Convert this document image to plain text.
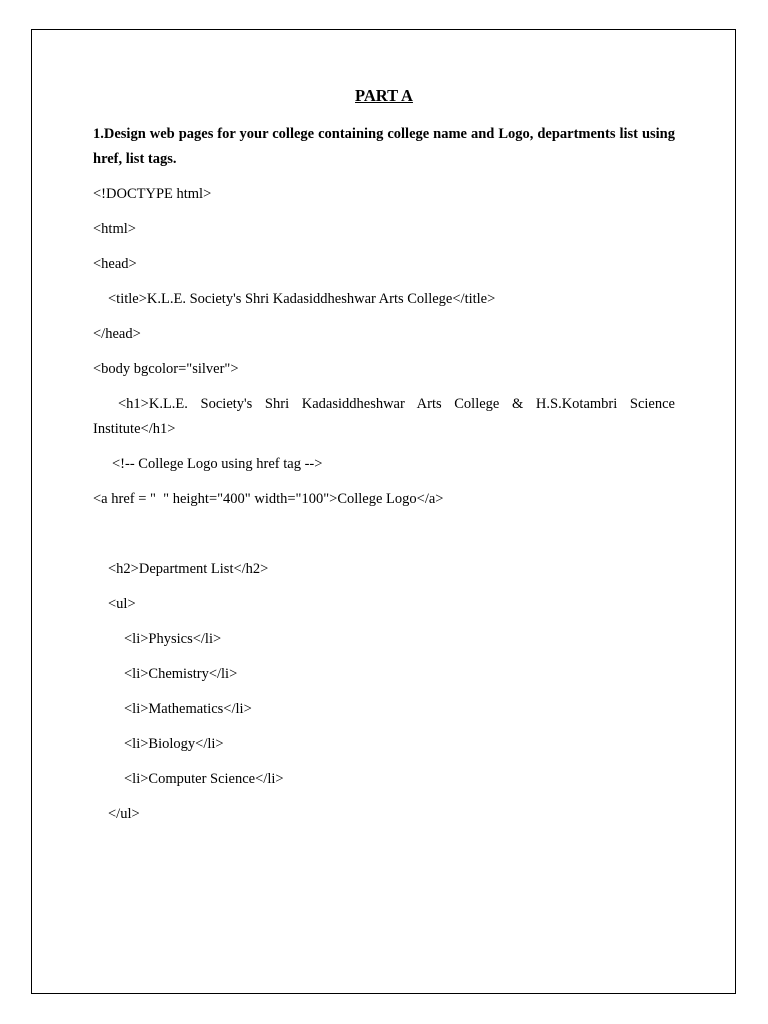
PART A
1.Design web pages for your college containing college name and Logo, departments list using href, list tags.
<!DOCTYPE html>
<html>
<head>
<title>K.L.E. Society's Shri Kadasiddheshwar Arts College</title>
</head>
<body bgcolor="silver">
<h1>K.L.E. Society's Shri Kadasiddheshwar Arts College & H.S.Kotambri Science Institute</h1>
<!-- College Logo using href tag -->
<a href = "  " height="400" width="100">College Logo</a>
<h2>Department List</h2>
<ul>
<li>Physics</li>
<li>Chemistry</li>
<li>Mathematics</li>
<li>Biology</li>
<li>Computer Science</li>
</ul>
